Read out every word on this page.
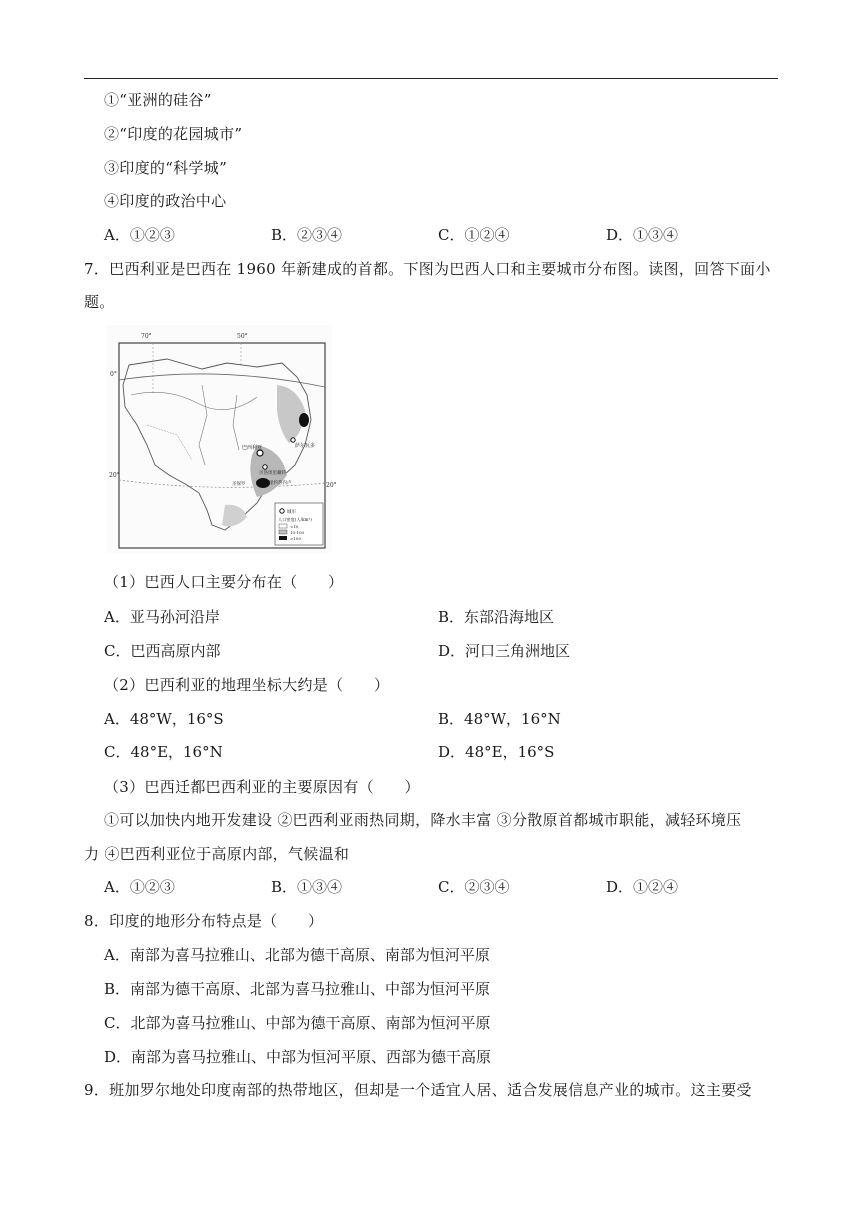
①“亚洲的硅谷”
②“印度的花园城市”
③印度的“科学城”
④印度的政治中心
A．①②③	B．②③④	C．①②④	D．①③④
7．巴西利亚是巴西在 1960 年新建成的首都。下图为巴西人口和主要城市分布图。读图，回答下面小
题。
70°	50°
0°
20°
20°
巴西利亚	萨尔瓦多
贝洛奥里藏特
圣保罗	里约热内卢
城市
人口密度(人/km²)
<10
10-100
>100
（1）巴西人口主要分布在（　　）
A．亚马孙河沿岸	B．东部沿海地区
C．巴西高原内部	D．河口三角洲地区
（2）巴西利亚的地理坐标大约是（　　）
A．48°W，16°S	B．48°W，16°N
C．48°E，16°N	D．48°E，16°S
（3）巴西迁都巴西利亚的主要原因有（　　）
①可以加快内地开发建设 ②巴西利亚雨热同期，降水丰富 ③分散原首都城市职能，减轻环境压
力 ④巴西利亚位于高原内部，气候温和
A．①②③	B．①③④	C．②③④	D．①②④
8．印度的地形分布特点是（　　）
A．南部为喜马拉雅山、北部为德干高原、南部为恒河平原
B．南部为德干高原、北部为喜马拉雅山、中部为恒河平原
C．北部为喜马拉雅山、中部为德干高原、南部为恒河平原
D．南部为喜马拉雅山、中部为恒河平原、西部为德干高原
9．班加罗尔地处印度南部的热带地区，但却是一个适宜人居、适合发展信息产业的城市。这主要受
